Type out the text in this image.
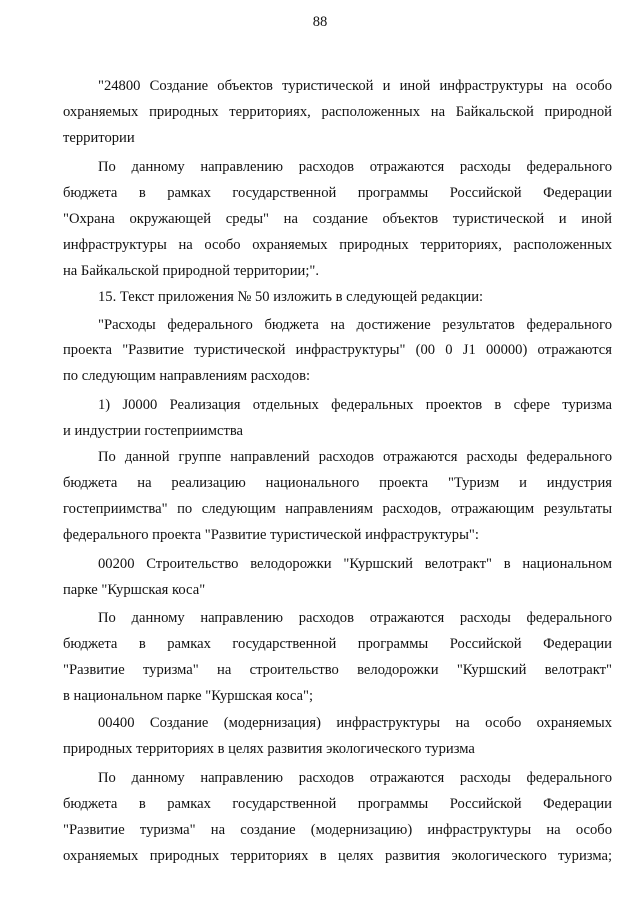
88
"24800 Создание объектов туристической и иной инфраструктуры на особо
охраняемых природных территориях, расположенных на Байкальской природной
территории
По данному направлению расходов отражаются расходы федерального
бюджета в рамках государственной программы Российской Федерации
"Охрана окружающей среды" на создание объектов туристической и иной
инфраструктуры на особо охраняемых природных территориях, расположенных
на Байкальской природной территории;".
15. Текст приложения № 50 изложить в следующей редакции:
"Расходы федерального бюджета на достижение результатов федерального
проекта "Развитие туристической инфраструктуры" (00 0 J1 00000) отражаются
по следующим направлениям расходов:
1) J0000 Реализация отдельных федеральных проектов в сфере туризма
и индустрии гостеприимства
По данной группе направлений расходов отражаются расходы федерального
бюджета на реализацию национального проекта "Туризм и индустрия
гостеприимства" по следующим направлениям расходов, отражающим результаты
федерального проекта "Развитие туристической инфраструктуры":
00200 Строительство велодорожки "Куршский велотракт" в национальном
парке "Куршская коса"
По данному направлению расходов отражаются расходы федерального
бюджета в рамках государственной программы Российской Федерации
"Развитие туризма" на строительство велодорожки "Куршский велотракт"
в национальном парке "Куршская коса";
00400 Создание (модернизация) инфраструктуры на особо охраняемых
природных территориях в целях развития экологического туризма
По данному направлению расходов отражаются расходы федерального
бюджета в рамках государственной программы Российской Федерации
"Развитие туризма" на создание (модернизацию) инфраструктуры на особо
охраняемых природных территориях в целях развития экологического туризма;
